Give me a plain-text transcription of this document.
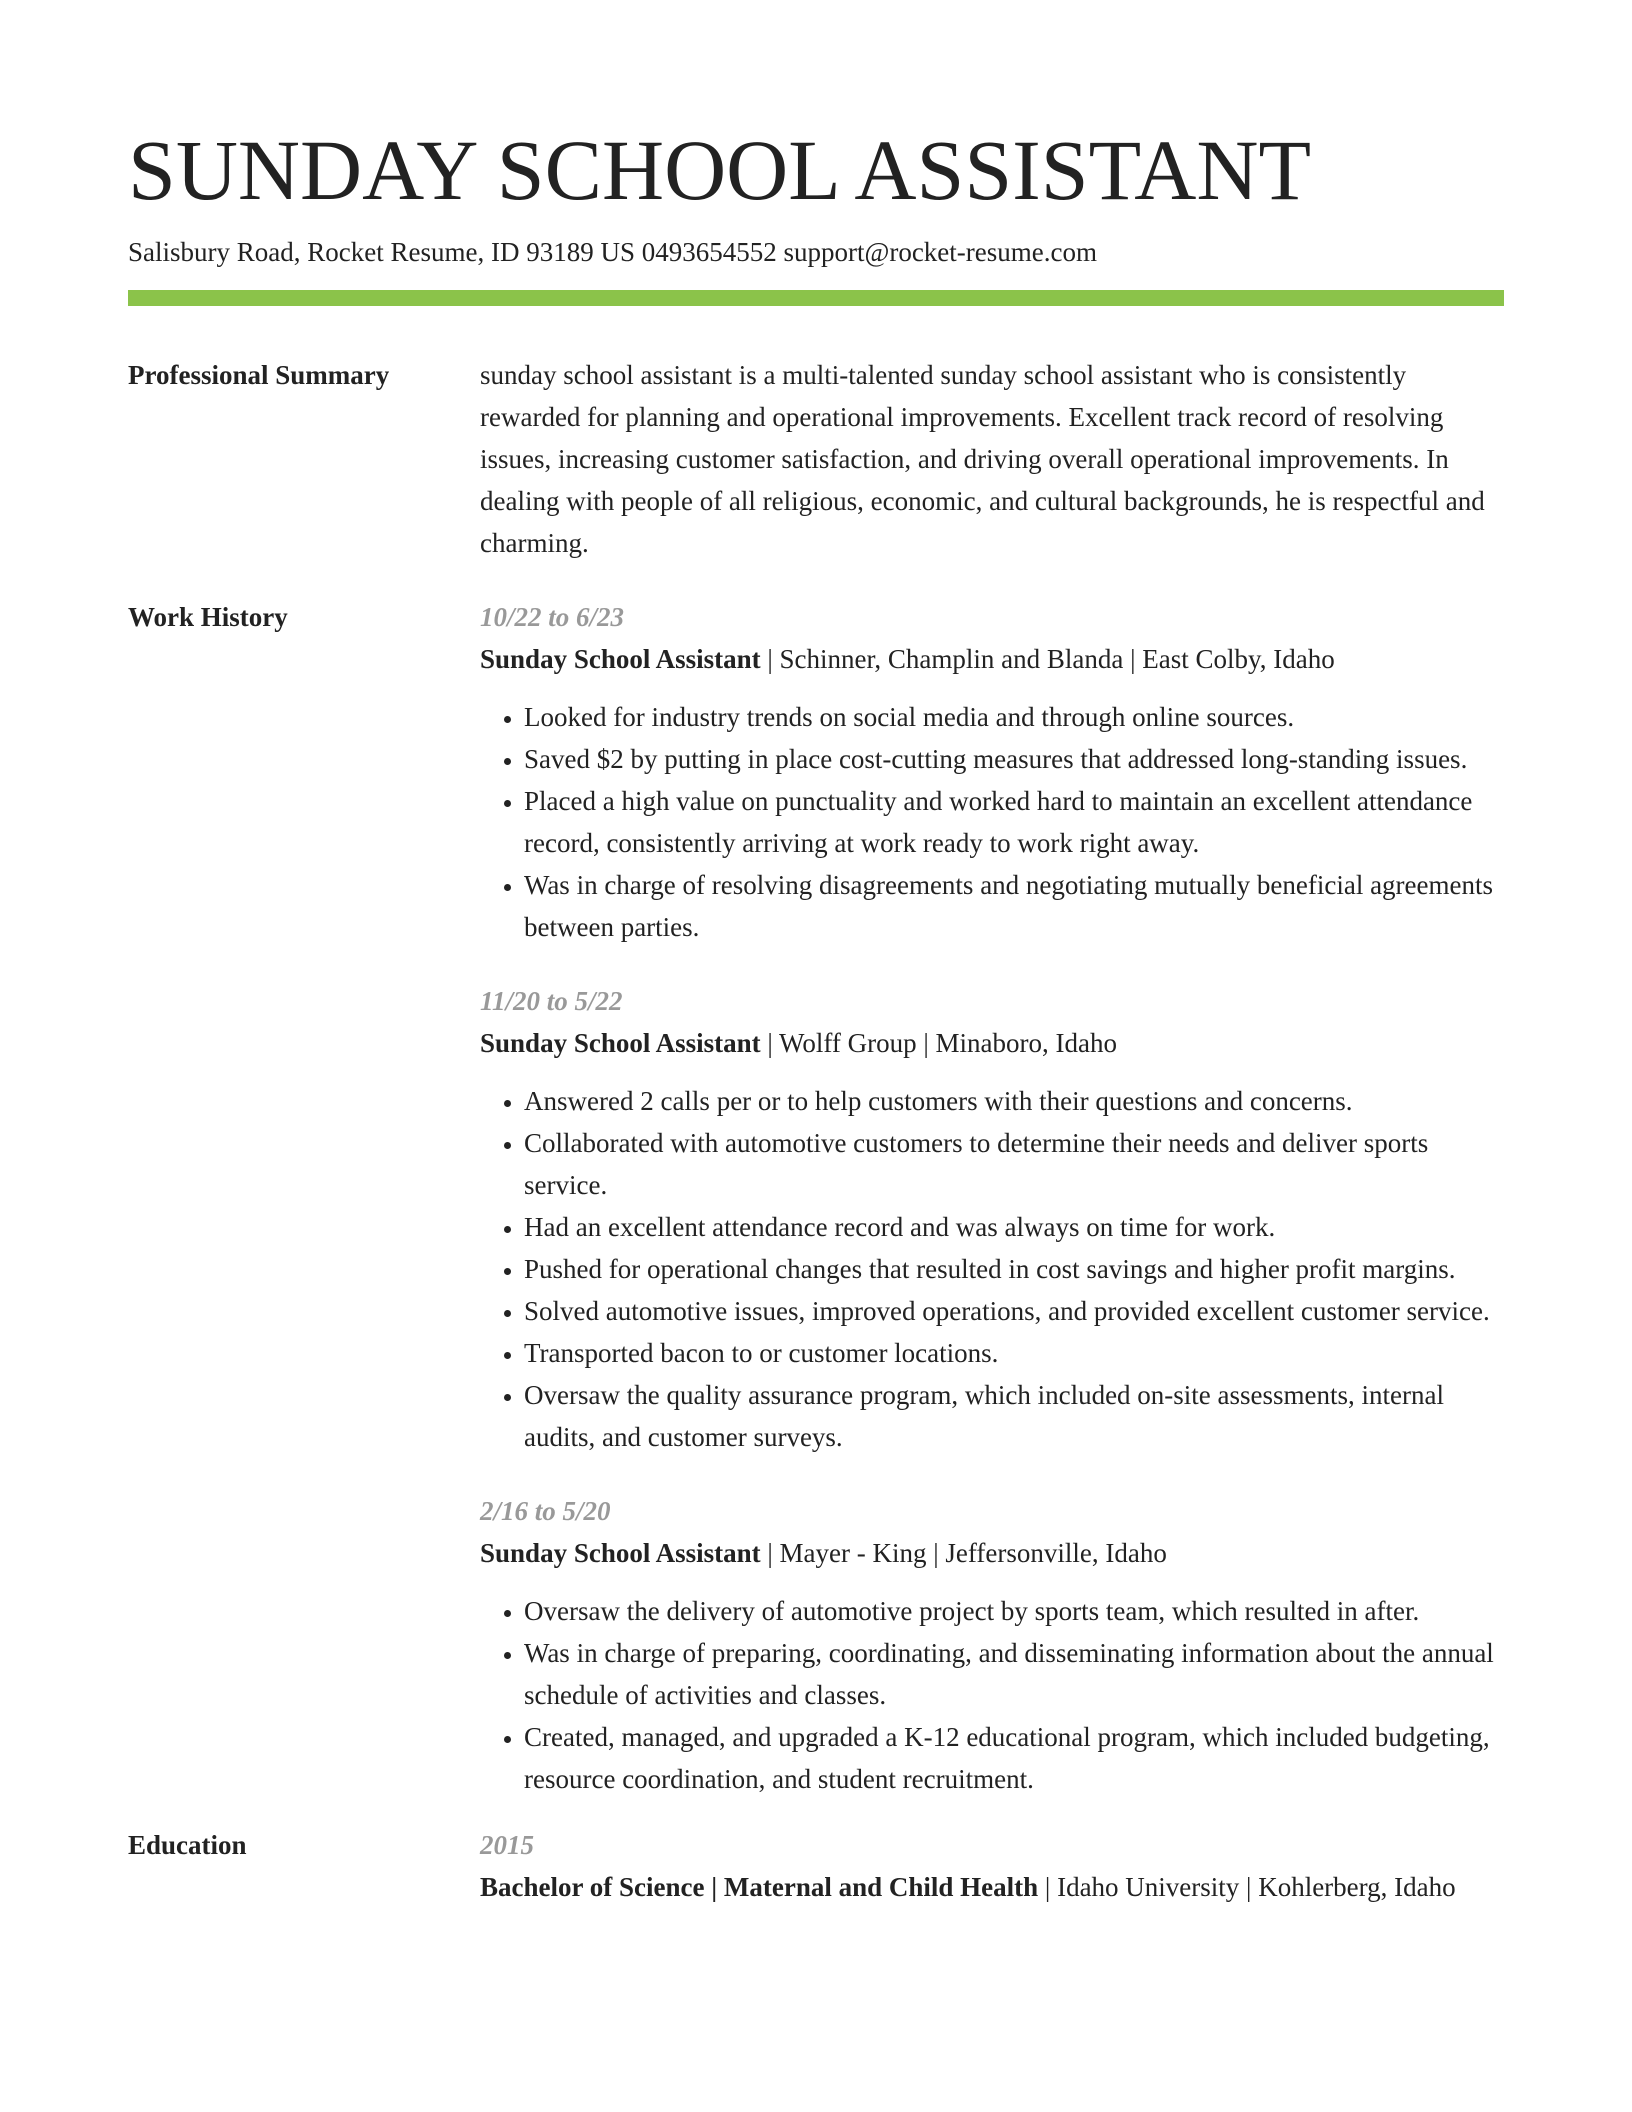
SUNDAY SCHOOL ASSISTANT
Salisbury Road, Rocket Resume, ID 93189 US 0493654552 support@rocket-resume.com
Professional Summary	sunday school assistant is a multi-talented sunday school assistant who is consistently rewarded for planning and operational improvements. Excellent track record of resolving issues, increasing customer satisfaction, and driving overall operational improvements. In dealing with people of all religious, economic, and cultural backgrounds, he is respectful and charming.
Work History	10/22 to 6/23
Sunday School Assistant | Schinner, Champlin and Blanda | East Colby, Idaho
• Looked for industry trends on social media and through online sources.
• Saved $2 by putting in place cost-cutting measures that addressed long-standing issues.
• Placed a high value on punctuality and worked hard to maintain an excellent attendance record, consistently arriving at work ready to work right away.
• Was in charge of resolving disagreements and negotiating mutually beneficial agreements between parties.
11/20 to 5/22
Sunday School Assistant | Wolff Group | Minaboro, Idaho
• Answered 2 calls per or to help customers with their questions and concerns.
• Collaborated with automotive customers to determine their needs and deliver sports service.
• Had an excellent attendance record and was always on time for work.
• Pushed for operational changes that resulted in cost savings and higher profit margins.
• Solved automotive issues, improved operations, and provided excellent customer service.
• Transported bacon to or customer locations.
• Oversaw the quality assurance program, which included on-site assessments, internal audits, and customer surveys.
2/16 to 5/20
Sunday School Assistant | Mayer - King | Jeffersonville, Idaho
• Oversaw the delivery of automotive project by sports team, which resulted in after.
• Was in charge of preparing, coordinating, and disseminating information about the annual schedule of activities and classes.
• Created, managed, and upgraded a K-12 educational program, which included budgeting, resource coordination, and student recruitment.
Education	2015
Bachelor of Science | Maternal and Child Health | Idaho University | Kohlerberg, Idaho
